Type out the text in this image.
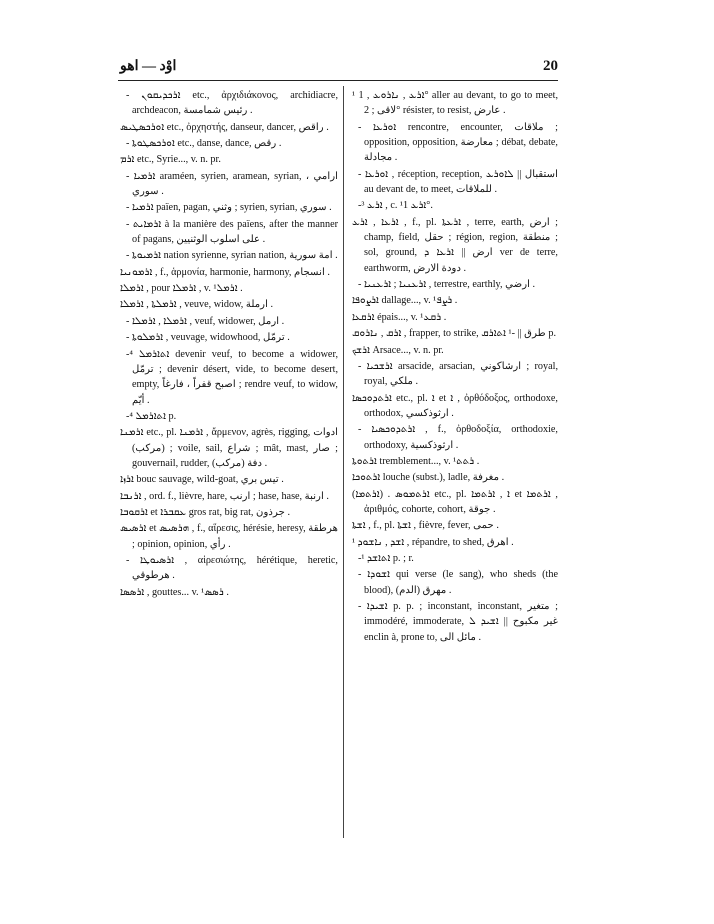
اوْد — اهو	20
- ܐܪܟܕܝܩܘܢ etc., ἀρχιδιάκονος, archidiacre, archdeacon, رئيس شمامسة .
ܐܘܪܟܣܛܝܣ etc., ὀρχηστής, danseur, dancer, راقص .
- ܐܘܪܟܣܛܘܬܐ etc., danse, dance, رقص .
ܐܪܡ etc., Syrie..., v. n. pr.
- ܐܪܡܝܐ araméen, syrien, aramean, syrian, ارامي ، سوري .
- ܐܪܡܝܐ païen, pagan, وثني ; syrien, syrian, سوري .
- ܐܪܡܐܝܬ à la manière des païens, after the manner of pagans, على اسلوب الوثنيين .
- ܐܪܡܝܘܬܐ nation syrienne, syrian nation, امة سورية .
ܐܪܡܘܢܝܐ , f., ἁρμονία, harmonie, harmony, انسجام .
ܐܪܡܠܐ , pour ܐܪܡܠܐ , v. ¹ܐܪܡܠ .
ܐܪܡܠܬܐ , ܐܪܡܠܐ , veuve, widow, ارملة .
- ܐܪܡܠܐ , ܐܪܡܠܐ , veuf, widower, ارمل .
- ܐܪܡܠܘܬܐ , veuvage, widowhood, ترمّل .
-⁴ ܐܬܐܪܡܠ devenir veuf, to become a widower, ترمّل ; devenir désert, vide, to become desert, empty, اصبح قفراً ، فارغاً ; rendre veuf, to widow, أيّم .
-⁴ ܐܬܐܪܡܠ p.
ܐܪܡܢܐ etc., pl. ܐܪܡܢܐ , ἄρμενον, agrès, rigging, ادوات (مركب) ; voile, sail, شراع ; mât, mast, صار ; gouvernail, rudder, دفة (مركب) .
ܐܪܙܐ bouc sauvage, wild-goat, تيس بري .
ܐܪܢܒܐ , ord. f., lièvre, hare, ارنب ; hase, hase, ارنبة .
ܐܪܩܘܒܐ et ܥܩܒܪܐ gros rat, big rat, جرذون .
ܐܪܣܝܣ et ܗܪܣܝܣ , f., αἵρεσις, hérésie, heresy, هرطقة ; opinion, opinion, رأي .
- ܐܪܣܝܘܛܐ , αἱρεσιώτης, hérétique, heretic, هرطوقي .
ܐܪܣܣܐ , gouttes... v. ¹ܪܣܣ .
¹ ܐܪܥ , ܢܐܪܘܥ , 1° aller au devant, to go to meet, لاقى ; 2° résister, to resist, عارض .
- ܐܘܪܥܐ rencontre, encounter, ملاقات ; opposition, opposition, معارضة ; débat, debate, مجادلة .
- ܐܘܪܥܐ , réception, reception, استقبال || ܠܐܘܪܥ au devant de, to meet, للملاقات .
-³ ܐܪܥ , c. ¹ܐܪܥ 1°.
ܐܪܥܐ , ܐܪܥ , f., pl. ܐܪܥܬܐ , terre, earth, ارض ; champ, field, حقل ; région, region, منطقة ; sol, ground, ارض || ܐܪܥܐ ܕ ver de terre, earthworm, دودة الارض .
- ܐܪܥܢܝܐ ; ܐܪܥܢܝܐ , terrestre, earthly, ارضي .
ܐܪܨܘܦܐ dallage..., v. ¹ܪܨܦ .
ܐܪܩܥܐ épais..., v. ¹ܪܩܥ .
ܐܪܩ , ܢܐܪܘܩ , frapper, to strike, طرق || -¹ ܐܬܐܪܩ p.
ܐܪܫܟ Arsace..., v. n. pr.
- ܐܪܫܟܝܐ arsacide, arsacian, ارشاكوني ; royal, royal, ملكي .
ܐܪܬܕܘܟܣܐ etc., pl. ܐ et ܐ , ὀρθόδοξος, orthodoxe, orthodox, ارثوذكسي .
- ܐܪܬܕܘܟܣܝܐ , f., ὀρθοδοξία, orthodoxie, orthodoxy, ارثوذكسية .
ܐܪܬܘܬܐ tremblement..., v. ¹ܪܬܬ .
ܐܪܬܘܟܐ louche (subst.), ladle, مغرفة .
(ܐܪܬܡܐ) . ܐܪܬܡܘܣ etc., pl. ܐ , ܐܪܬܡܐ et ܐܪܬܡܐ , ἀριθμός, cohorte, cohort, جوقة .
ܐܫܬܐ , f., pl. ܐܫܬܐ , fièvre, fever, حمى .
¹ ܐܫܕ , ܢܐܫܘܕ , répandre, to shed, اهرق .
-¹ ܐܬܐܫܕ p. ; r.
- ܐܫܘܕܐ qui verse (le sang), who sheds (the blood), مهرق (الدم) .
- ܐܫܝܕܐ p. p. ; inconstant, inconstant, متغير ; immodéré, immoderate, غير مكبوح || ܐܫܝܕ ܠ enclin à, prone to, مائل الى .
